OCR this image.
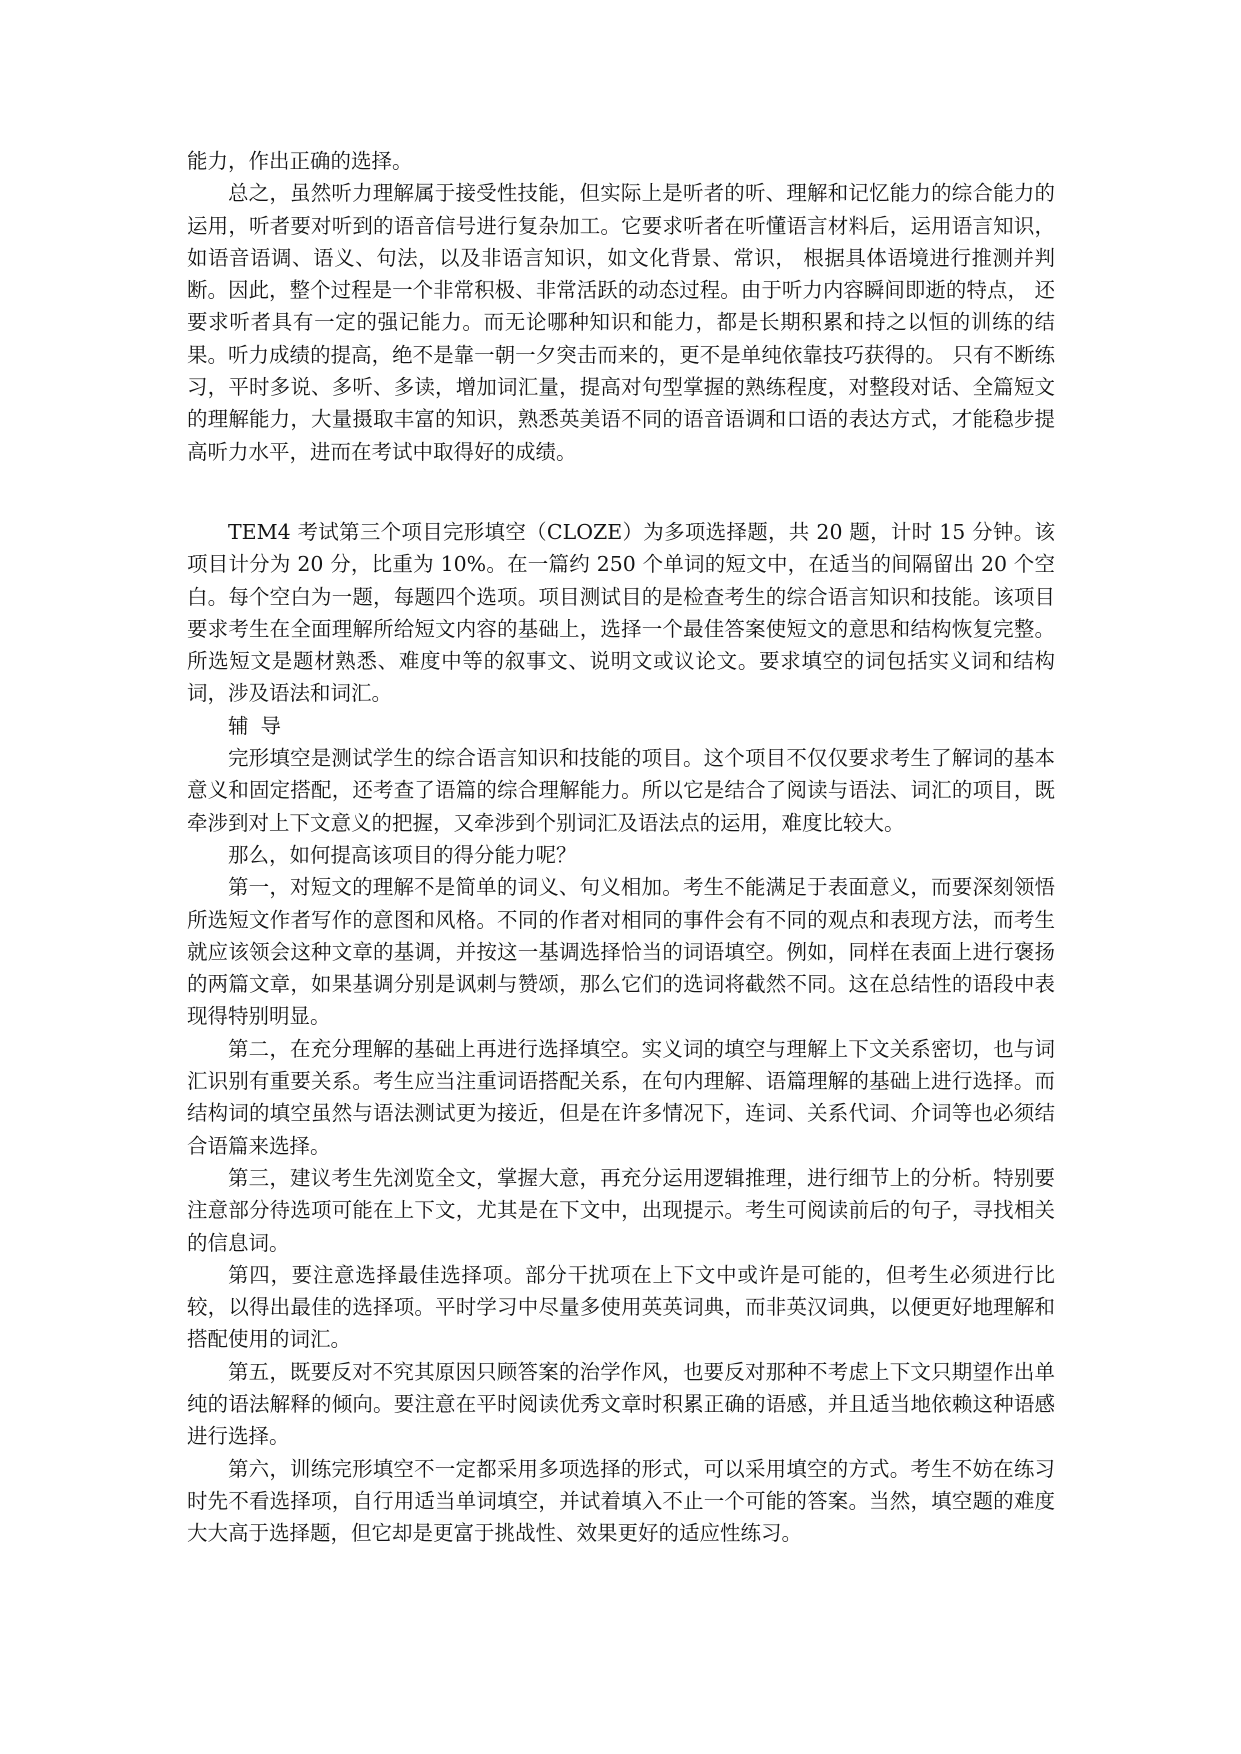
能力，作出正确的选择。

总之，虽然听力理解属于接受性技能，但实际上是听者的听、理解和记忆能力的综合能力的运用，听者要对听到的语音信号进行复杂加工。它要求听者在听懂语言材料后，运用语言知识，如语音语调、语义、句法，以及非语言知识，如文化背景、常识， 根据具体语境进行推测并判断。因此，整个过程是一个非常积极、非常活跃的动态过程。由于听力内容瞬间即逝的特点， 还要求听者具有一定的强记能力。而无论哪种知识和能力，都是长期积累和持之以恒的训练的结果。听力成绩的提高，绝不是靠一朝一夕突击而来的，更不是单纯依靠技巧获得的。 只有不断练习，平时多说、多听、多读，增加词汇量，提高对句型掌握的熟练程度，对整段对话、全篇短文的理解能力，大量摄取丰富的知识，熟悉英美语不同的语音语调和口语的表达方式，才能稳步提高听力水平，进而在考试中取得好的成绩。

TEM4 考试第三个项目完形填空（CLOZE）为多项选择题，共 20 题，计时 15 分钟。该项目计分为 20 分，比重为 10%。在一篇约 250 个单词的短文中，在适当的间隔留出 20 个空白。每个空白为一题，每题四个选项。项目测试目的是检查考生的综合语言知识和技能。该项目要求考生在全面理解所给短文内容的基础上，选择一个最佳答案使短文的意思和结构恢复完整。所选短文是题材熟悉、难度中等的叙事文、说明文或议论文。要求填空的词包括实义词和结构词，涉及语法和词汇。

辅导

完形填空是测试学生的综合语言知识和技能的项目。这个项目不仅仅要求考生了解词的基本意义和固定搭配，还考查了语篇的综合理解能力。所以它是结合了阅读与语法、词汇的项目，既牵涉到对上下文意义的把握，又牵涉到个别词汇及语法点的运用，难度比较大。

那么，如何提高该项目的得分能力呢？

第一，对短文的理解不是简单的词义、句义相加。考生不能满足于表面意义，而要深刻领悟所选短文作者写作的意图和风格。不同的作者对相同的事件会有不同的观点和表现方法，而考生就应该领会这种文章的基调，并按这一基调选择恰当的词语填空。例如，同样在表面上进行褒扬的两篇文章，如果基调分别是讽刺与赞颂，那么它们的选词将截然不同。这在总结性的语段中表现得特别明显。

第二，在充分理解的基础上再进行选择填空。实义词的填空与理解上下文关系密切，也与词汇识别有重要关系。考生应当注重词语搭配关系，在句内理解、语篇理解的基础上进行选择。而结构词的填空虽然与语法测试更为接近，但是在许多情况下，连词、关系代词、介词等也必须结合语篇来选择。

第三，建议考生先浏览全文，掌握大意，再充分运用逻辑推理，进行细节上的分析。特别要注意部分待选项可能在上下文，尤其是在下文中，出现提示。考生可阅读前后的句子，寻找相关的信息词。

第四，要注意选择最佳选择项。部分干扰项在上下文中或许是可能的，但考生必须进行比较，以得出最佳的选择项。平时学习中尽量多使用英英词典，而非英汉词典，以便更好地理解和搭配使用的词汇。

第五，既要反对不究其原因只顾答案的治学作风，也要反对那种不考虑上下文只期望作出单纯的语法解释的倾向。要注意在平时阅读优秀文章时积累正确的语感，并且适当地依赖这种语感进行选择。

第六，训练完形填空不一定都采用多项选择的形式，可以采用填空的方式。考生不妨在练习时先不看选择项，自行用适当单词填空，并试着填入不止一个可能的答案。当然，填空题的难度大大高于选择题，但它却是更富于挑战性、效果更好的适应性练习。
